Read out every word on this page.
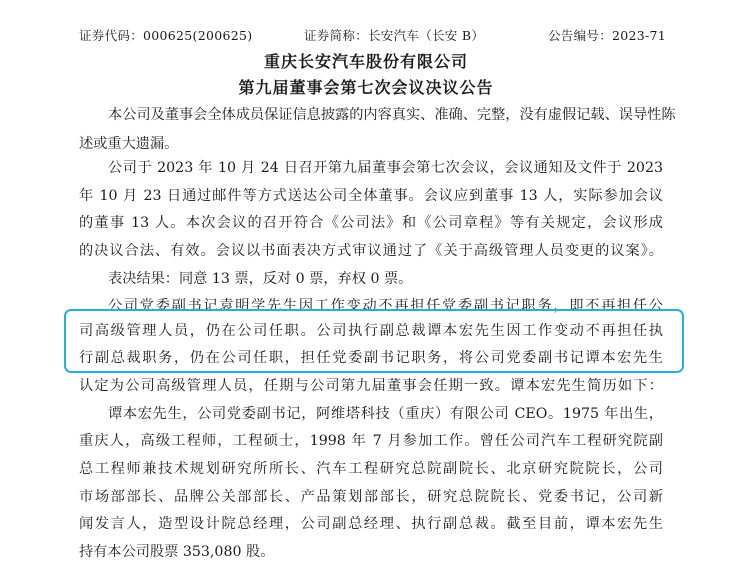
证券代码：000625(200625)	证券简称：长安汽车（长安 B）	公告编号：2023-71
重庆长安汽车股份有限公司
第九届董事会第七次会议决议公告
本公司及董事会全体成员保证信息披露的内容真实、准确、完整，没有虚假记载、误导性陈
述或重大遗漏。
公司于 2023 年 10 月 24 日召开第九届董事会第七次会议，会议通知及文件于 2023
年 10 月 23 日通过邮件等方式送达公司全体董事。会议应到董事 13 人，实际参加会议
的董事 13 人。本次会议的召开符合《公司法》和《公司章程》等有关规定，会议形成
的决议合法、有效。会议以书面表决方式审议通过了《关于高级管理人员变更的议案》。
表决结果：同意 13 票，反对 0 票，弃权 0 票。
公司党委副书记袁明学先生因工作变动不再担任党委副书记职务，即不再担任公
司高级管理人员，仍在公司任职。公司执行副总裁谭本宏先生因工作变动不再担任执
行副总裁职务，仍在公司任职，担任党委副书记职务，将公司党委副书记谭本宏先生
认定为公司高级管理人员，任期与公司第九届董事会任期一致。谭本宏先生简历如下：
谭本宏先生，公司党委副书记，阿维塔科技（重庆）有限公司 CEO。1975 年出生，
重庆人，高级工程师，工程硕士，1998 年 7 月参加工作。曾任公司汽车工程研究院副
总工程师兼技术规划研究所所长、汽车工程研究总院副院长、北京研究院院长，公司
市场部部长、品牌公关部部长、产品策划部部长，研究总院院长、党委书记，公司新
闻发言人，造型设计院总经理，公司副总经理、执行副总裁。截至目前，谭本宏先生
持有本公司股票 353,080 股。
